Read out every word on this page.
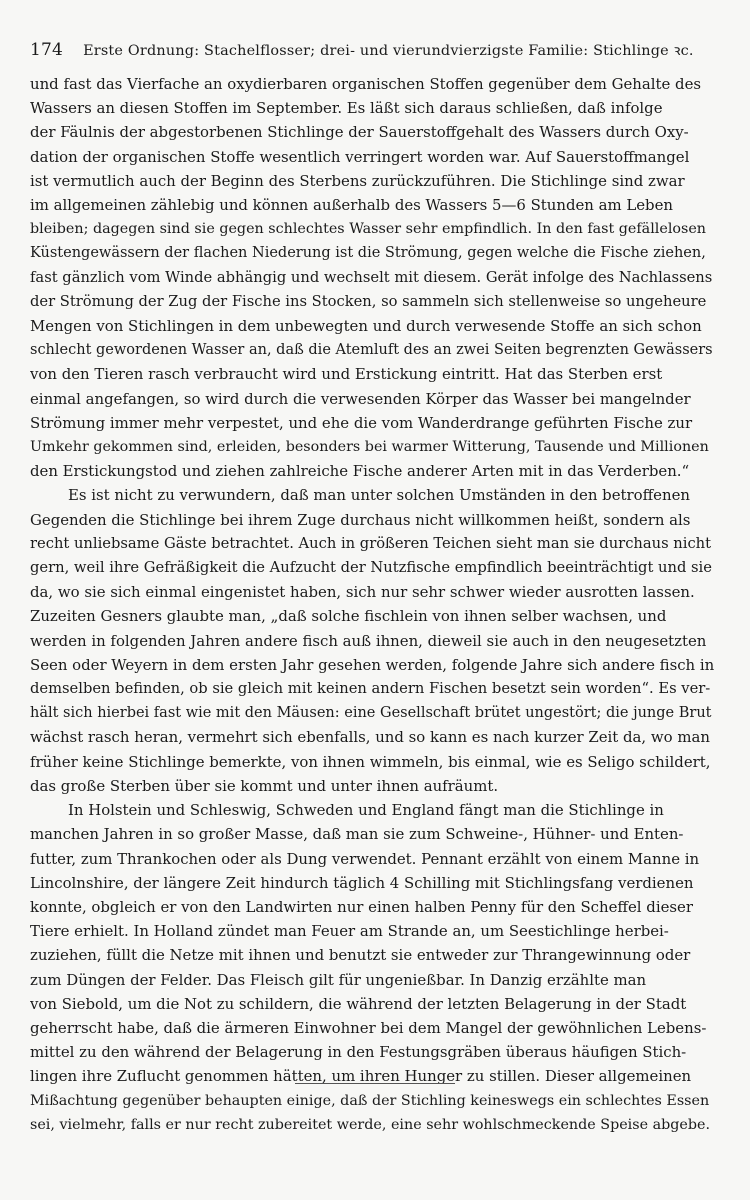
174 Erste Ordnung: Stachelflosser; drei- und vierundvierzigste Familie: Stichlinge ꝛc.
und fast das Vierfache an oxydierbaren organischen Stoffen gegenüber dem Gehalte des
Wassers an diesen Stoffen im September. Es läßt sich daraus schließen, daß infolge
der Fäulnis der abgestorbenen Stichlinge der Sauerstoffgehalt des Wassers durch Oxy-
dation der organischen Stoffe wesentlich verringert worden war. Auf Sauerstoffmangel
ist vermutlich auch der Beginn des Sterbens zurückzuführen. Die Stichlinge sind zwar
im allgemeinen zählebig und können außerhalb des Wassers 5—6 Stunden am Leben
bleiben; dagegen sind sie gegen schlechtes Wasser sehr empfindlich. In den fast gefällelosen
Küstengewässern der flachen Niederung ist die Strömung, gegen welche die Fische ziehen,
fast gänzlich vom Winde abhängig und wechselt mit diesem. Gerät infolge des Nachlassens
der Strömung der Zug der Fische ins Stocken, so sammeln sich stellenweise so ungeheure
Mengen von Stichlingen in dem unbewegten und durch verwesende Stoffe an sich schon
schlecht gewordenen Wasser an, daß die Atemluft des an zwei Seiten begrenzten Gewässers
von den Tieren rasch verbraucht wird und Erstickung eintritt. Hat das Sterben erst
einmal angefangen, so wird durch die verwesenden Körper das Wasser bei mangelnder
Strömung immer mehr verpestet, und ehe die vom Wanderdrange geführten Fische zur
Umkehr gekommen sind, erleiden, besonders bei warmer Witterung, Tausende und Millionen
den Erstickungstod und ziehen zahlreiche Fische anderer Arten mit in das Verderben.“
Es ist nicht zu verwundern, daß man unter solchen Umständen in den betroffenen
Gegenden die Stichlinge bei ihrem Zuge durchaus nicht willkommen heißt, sondern als
recht unliebsame Gäste betrachtet. Auch in größeren Teichen sieht man sie durchaus nicht
gern, weil ihre Gefräßigkeit die Aufzucht der Nutzfische empfindlich beeinträchtigt und sie
da, wo sie sich einmal eingenistet haben, sich nur sehr schwer wieder ausrotten lassen.
Zuzeiten Gesners glaubte man, „daß solche fischlein von ihnen selber wachsen, und
werden in folgenden Jahren andere fisch auß ihnen, dieweil sie auch in den neugesetzten
Seen oder Weyern in dem ersten Jahr gesehen werden, folgende Jahre sich andere fisch in
demselben befinden, ob sie gleich mit keinen andern Fischen besetzt sein worden“. Es ver-
hält sich hierbei fast wie mit den Mäusen: eine Gesellschaft brütet ungestört; die junge Brut
wächst rasch heran, vermehrt sich ebenfalls, und so kann es nach kurzer Zeit da, wo man
früher keine Stichlinge bemerkte, von ihnen wimmeln, bis einmal, wie es Seligo schildert,
das große Sterben über sie kommt und unter ihnen aufräumt.
In Holstein und Schleswig, Schweden und England fängt man die Stichlinge in
manchen Jahren in so großer Masse, daß man sie zum Schweine-, Hühner- und Enten-
futter, zum Thrankochen oder als Dung verwendet. Pennant erzählt von einem Manne in
Lincolnshire, der längere Zeit hindurch täglich 4 Schilling mit Stichlingsfang verdienen
konnte, obgleich er von den Landwirten nur einen halben Penny für den Scheffel dieser
Tiere erhielt. In Holland zündet man Feuer am Strande an, um Seestichlinge herbei-
zuziehen, füllt die Netze mit ihnen und benutzt sie entweder zur Thrangewinnung oder
zum Düngen der Felder. Das Fleisch gilt für ungenießbar. In Danzig erzählte man
von Siebold, um die Not zu schildern, die während der letzten Belagerung in der Stadt
geherrscht habe, daß die ärmeren Einwohner bei dem Mangel der gewöhnlichen Lebens-
mittel zu den während der Belagerung in den Festungsgräben überaus häufigen Stich-
lingen ihre Zuflucht genommen hätten, um ihren Hunger zu stillen. Dieser allgemeinen
Mißachtung gegenüber behaupten einige, daß der Stichling keineswegs ein schlechtes Essen
sei, vielmehr, falls er nur recht zubereitet werde, eine sehr wohlschmeckende Speise abgebe.
